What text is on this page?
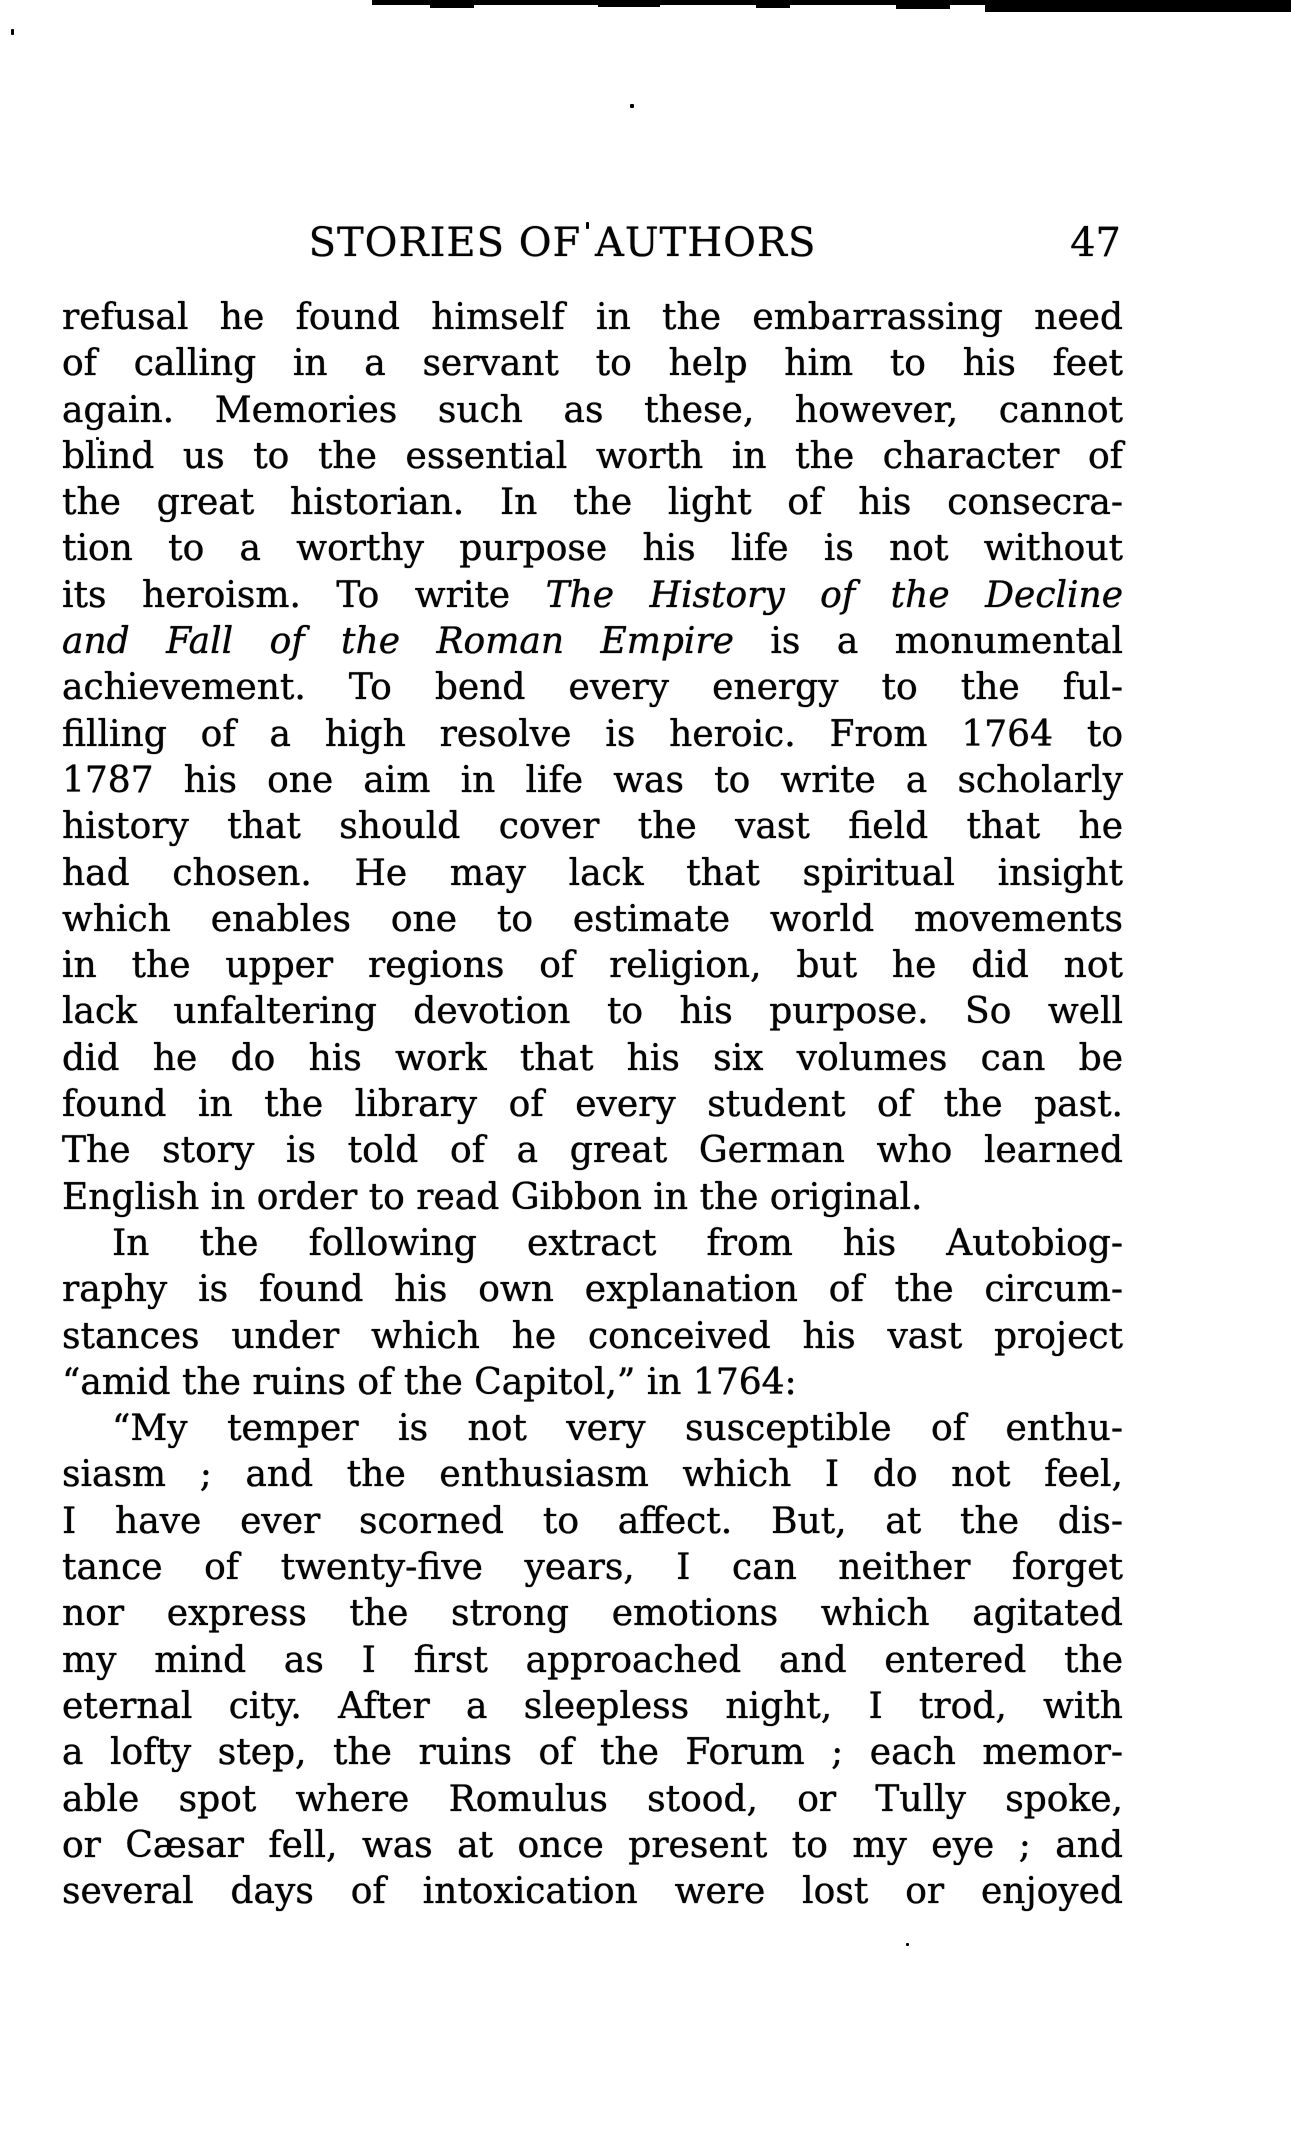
STORIES OF AUTHORS	47
refusal he found himself in the embarrassing need
of calling in a servant to help him to his feet
again. Memories such as these, however, cannot
blind us to the essential worth in the character of
the great historian. In the light of his consecra-
tion to a worthy purpose his life is not without
its heroism. To write The History of the Decline
and Fall of the Roman Empire is a monumental
achievement. To bend every energy to the ful-
filling of a high resolve is heroic. From 1764 to
1787 his one aim in life was to write a scholarly
history that should cover the vast field that he
had chosen. He may lack that spiritual insight
which enables one to estimate world movements
in the upper regions of religion, but he did not
lack unfaltering devotion to his purpose. So well
did he do his work that his six volumes can be
found in the library of every student of the past.
The story is told of a great German who learned
English in order to read Gibbon in the original.
In the following extract from his Autobiog-
raphy is found his own explanation of the circum-
stances under which he conceived his vast project
“amid the ruins of the Capitol,” in 1764:
“My temper is not very susceptible of enthu-
siasm ; and the enthusiasm which I do not feel,
I have ever scorned to affect. But, at the dis-
tance of twenty-five years, I can neither forget
nor express the strong emotions which agitated
my mind as I first approached and entered the
eternal city. After a sleepless night, I trod, with
a lofty step, the ruins of the Forum ; each memor-
able spot where Romulus stood, or Tully spoke,
or Cæsar fell, was at once present to my eye ; and
several days of intoxication were lost or enjoyed
